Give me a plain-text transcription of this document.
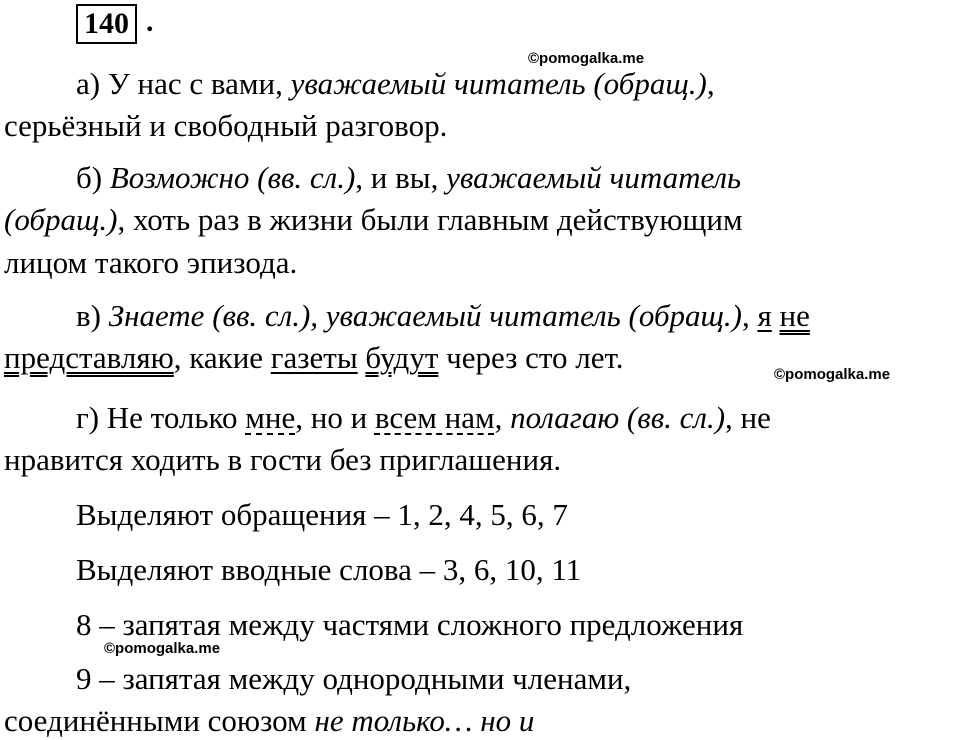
140 .
©pomogalka.me
а) У нас с вами, уважаемый читатель (обращ.),
серьёзный и свободный разговор.
б) Возможно (вв. сл.), и вы, уважаемый читатель
(обращ.), хоть раз в жизни были главным действующим
лицом такого эпизода.
в) Знаете (вв. сл.), уважаемый читатель (обращ.), я не
представляю, какие газеты будут через сто лет.	©pomogalka.me
г) Не только мне, но и всем нам, полагаю (вв. сл.), не
нравится ходить в гости без приглашения.
Выделяют обращения – 1, 2, 4, 5, 6, 7
Выделяют вводные слова – 3, 6, 10, 11
8 – запятая между частями сложного предложения
©pomogalka.me
9 – запятая между однородными членами,
соединёнными союзом не только… но и
